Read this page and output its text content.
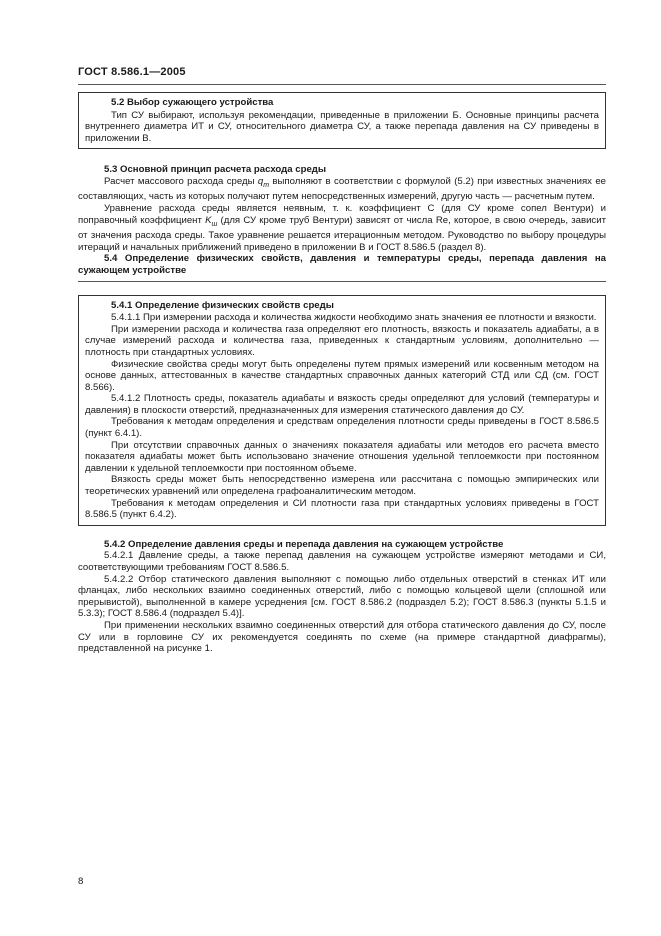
ГОСТ 8.586.1—2005

5.2 Выбор сужающего устройства

Тип СУ выбирают, используя рекомендации, приведенные в приложении Б. Основные принципы расчета внутреннего диаметра ИТ и СУ, относительного диаметра СУ, а также перепада давления на СУ приведены в приложении В.

5.3 Основной принцип расчета расхода среды

Расчет массового расхода среды $q_m$ выполняют в соответствии с формулой (5.2) при известных значениях ее составляющих, часть из которых получают путем непосредственных измерений, другую часть — расчетным путем.

Уравнение расхода среды является неявным, т. к. коэффициент С (для СУ кроме сопел Вентури) и поправочный коэффициент $K_ш$ (для СУ кроме труб Вентури) зависят от числа Re, которое, в свою очередь, зависит от значения расхода среды. Такое уравнение решается итерационным методом. Руководство по выбору процедуры итераций и начальных приближений приведено в приложении В и ГОСТ 8.586.5 (раздел 8).

5.4 Определение физических свойств, давления и температуры среды, перепада давления на сужающем устройстве

5.4.1 Определение физических свойств среды

5.4.1.1 При измерении расхода и количества жидкости необходимо знать значения ее плотности и вязкости.

При измерении расхода и количества газа определяют его плотность, вязкость и показатель адиабаты, а в случае измерений расхода и количества газа, приведенных к стандартным условиям, дополнительно — плотность при стандартных условиях.

Физические свойства среды могут быть определены путем прямых измерений или косвенным методом на основе данных, аттестованных в качестве стандартных справочных данных категорий СТД или СД (см. ГОСТ 8.566).

5.4.1.2 Плотность среды, показатель адиабаты и вязкость среды определяют для условий (температуры и давления) в плоскости отверстий, предназначенных для измерения статического давления до СУ.

Требования к методам определения и средствам определения плотности среды приведены в ГОСТ 8.586.5 (пункт 6.4.1).

При отсутствии справочных данных о значениях показателя адиабаты или методов его расчета вместо показателя адиабаты может быть использовано значение отношения удельной теплоемкости при постоянном давлении к удельной теплоемкости при постоянном объеме.

Вязкость среды может быть непосредственно измерена или рассчитана с помощью эмпирических или теоретических уравнений или определена графоаналитическим методом.

Требования к методам определения и СИ плотности газа при стандартных условиях приведены в ГОСТ 8.586.5 (пункт 6.4.2).

5.4.2 Определение давления среды и перепада давления на сужающем устройстве

5.4.2.1 Давление среды, а также перепад давления на сужающем устройстве измеряют методами и СИ, соответствующими требованиям ГОСТ 8.586.5.

5.4.2.2 Отбор статического давления выполняют с помощью либо отдельных отверстий в стенках ИТ или фланцах, либо нескольких взаимно соединенных отверстий, либо с помощью кольцевой щели (сплошной или прерывистой), выполненной в камере усреднения [см. ГОСТ 8.586.2 (подраздел 5.2); ГОСТ 8.586.3 (пункты 5.1.5 и 5.3.3); ГОСТ 8.586.4 (подраздел 5.4)].

При применении нескольких взаимно соединенных отверстий для отбора статического давления до СУ, после СУ или в горловине СУ их рекомендуется соединять по схеме (на примере стандартной диафрагмы), представленной на рисунке 1.

8
